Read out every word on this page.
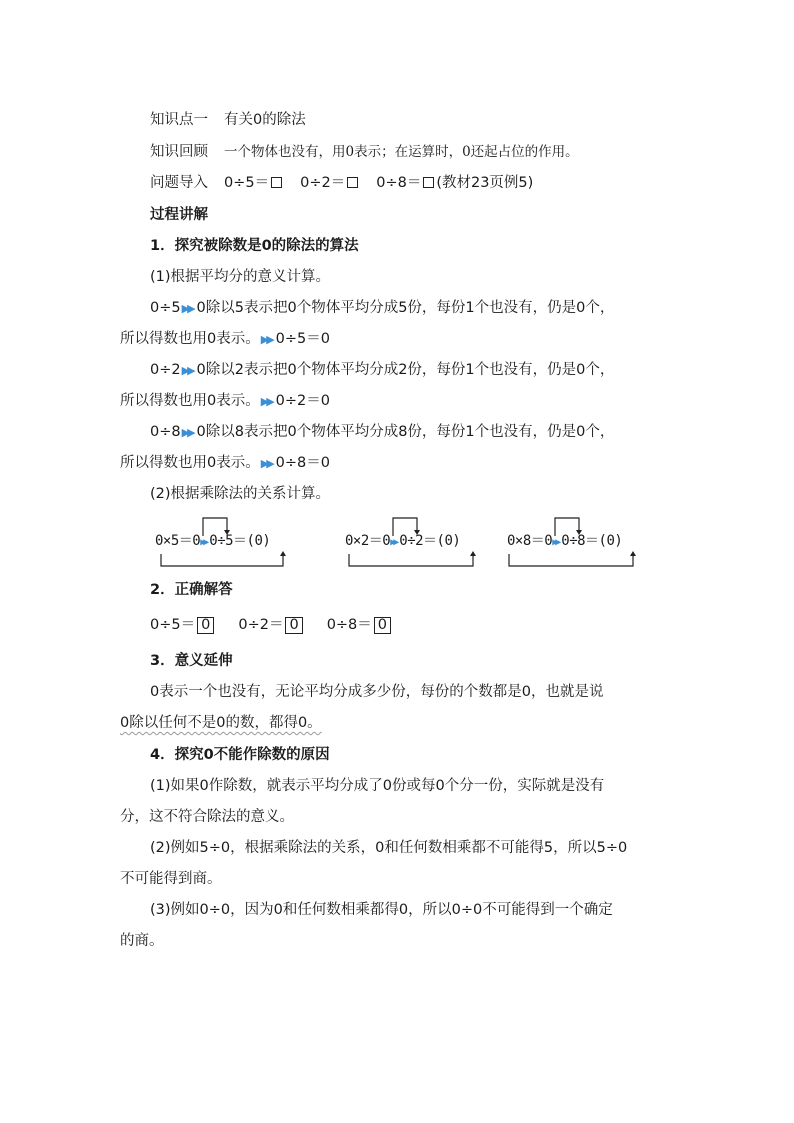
知识点一 有关0的除法
知识回顾 一个物体也没有，用0表示；在运算时，0还起占位的作用。
问题导入 0÷5＝ 0÷2＝ 0÷8＝ (教材23页例5)
过程讲解
1．探究被除数是0的除法的算法
(1)根据平均分的意义计算。
0÷5▶▶ 0除以5表示把0个物体平均分成5份，每份1个也没有，仍是0个，
所以得数也用0表示。▶▶ 0÷5＝0
0÷2▶▶ 0除以2表示把0个物体平均分成2份，每份1个也没有，仍是0个，
所以得数也用0表示。▶▶ 0÷2＝0
0÷8▶▶ 0除以8表示把0个物体平均分成8份，每份1个也没有，仍是0个，
所以得数也用0表示。▶▶ 0÷8＝0
(2)根据乘除法的关系计算。
0×5＝0▶▶ 0÷5＝(0)	0×2＝0▶▶ 0÷2＝(0)	0×8＝0▶▶ 0÷8＝(0)
2．正确解答
0÷5＝ 0 0÷2＝ 0 0÷8＝ 0
3．意义延伸
0表示一个也没有，无论平均分成多少份，每份的个数都是0，也就是说
0除以任何不是0的数，都得0。
4．探究0不能作除数的原因
(1)如果0作除数，就表示平均分成了0份或每0个分一份，实际就是没有
分，这不符合除法的意义。
(2)例如5÷0，根据乘除法的关系，0和任何数相乘都不可能得5，所以5÷0
不可能得到商。
(3)例如0÷0，因为0和任何数相乘都得0，所以0÷0不可能得到一个确定
的商。
